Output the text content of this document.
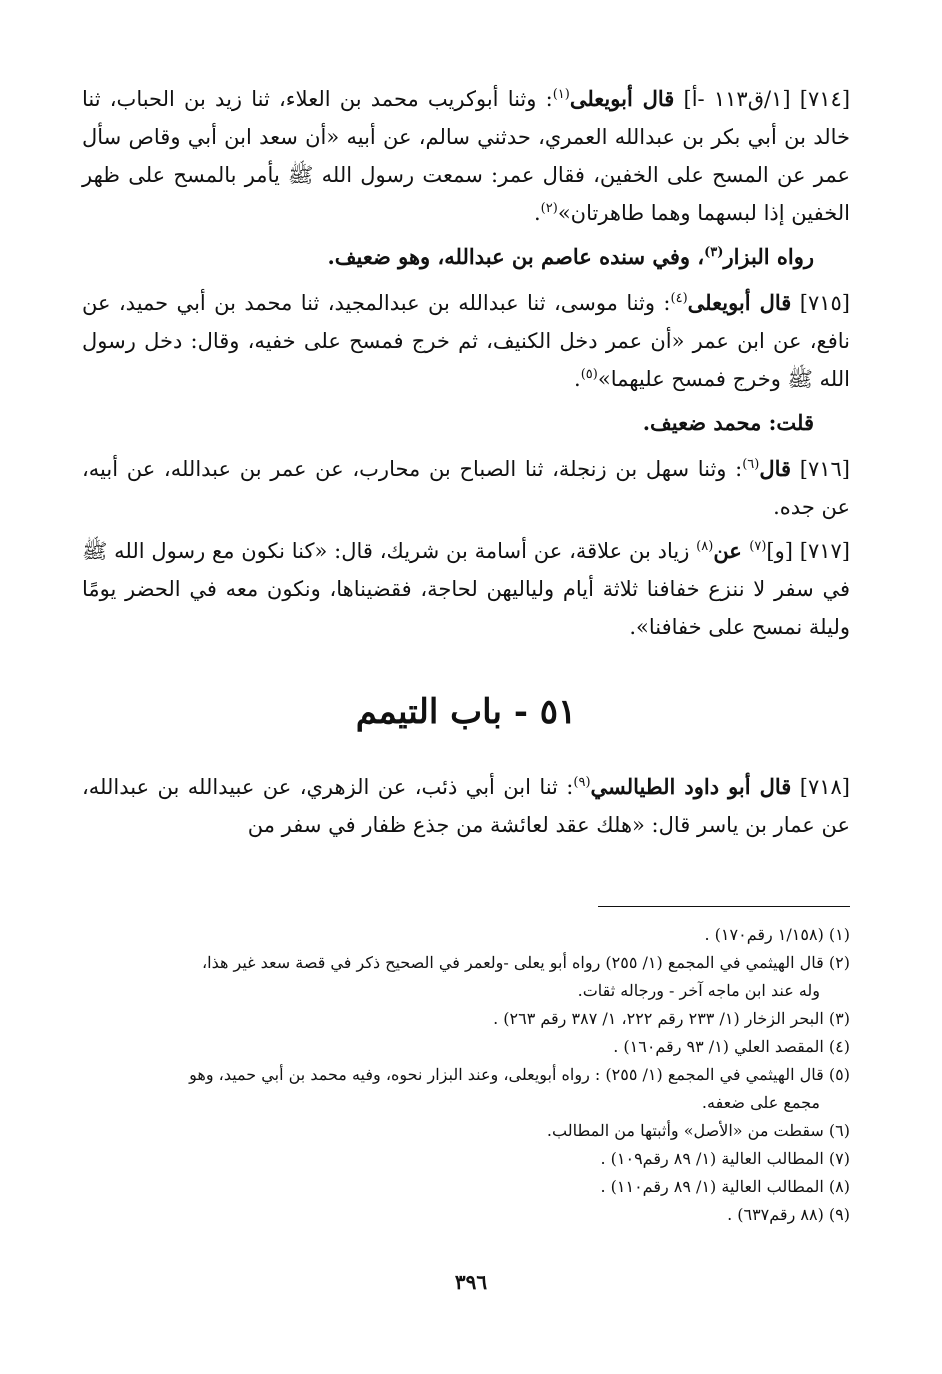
[٧١٤] [١/ق١١٣ -أ] قال أبويعلى$^{(١)}$: وثنا أبوكريب محمد بن العلاء، ثنا زيد بن الحباب، ثنا خالد بن أبي بكر بن عبدالله العمري، حدثني سالم، عن أبيه «أن سعد ابن أبي وقاص سأل عمر عن المسح على الخفين، فقال عمر: سمعت رسول الله ﷺ يأمر بالمسح على ظهر الخفين إذا لبسهما وهما طاهرتان»$^{(٢)}$.

رواه البزار$^{(٣)}$، وفي سنده عاصم بن عبدالله، وهو ضعيف.

[٧١٥] قال أبويعلى$^{(٤)}$: وثنا موسى، ثنا عبدالله بن عبدالمجيد، ثنا محمد بن أبي حميد، عن نافع، عن ابن عمر «أن عمر دخل الكنيف، ثم خرج فمسح على خفيه، وقال: دخل رسول الله ﷺ وخرج فمسح عليهما»$^{(٥)}$.

قلت: محمد ضعيف.

[٧١٦] قال$^{(٦)}$: وثنا سهل بن زنجلة، ثنا الصباح بن محارب، عن عمر بن عبدالله، عن أبيه، عن جده.

[٧١٧] [و]$^{(٧)}$ عن$^{(٨)}$ زياد بن علاقة، عن أسامة بن شريك، قال: «كنا نكون مع رسول الله ﷺ في سفر لا ننزع خفافنا ثلاثة أيام ولياليهن لحاجة، فقضيناها، ونكون معه في الحضر يومًا وليلة نمسح على خفافنا».

٥١ - باب التيمم

[٧١٨] قال أبو داود الطيالسي$^{(٩)}$: ثنا ابن أبي ذئب، عن الزهري، عن عبيدالله بن عبدالله، عن عمار بن ياسر قال: «هلك عقد لعائشة من جذع ظفار في سفر من

(١) (١/١٥٨ رقم١٧٠) .

(٢) قال الهيثمي في المجمع (١/ ٢٥٥) رواه أبو يعلى -ولعمر في الصحيح ذكر في قصة سعد غير هذا،
وله عند ابن ماجه آخر - ورجاله ثقات.

(٣) البحر الزخار (١/ ٢٣٣ رقم ٢٢٢، ١/ ٣٨٧ رقم ٢٦٣) .

(٤) المقصد العلي (١/ ٩٣ رقم١٦٠) .

(٥) قال الهيثمي في المجمع (١/ ٢٥٥) : رواه أبويعلى، وعند البزار نحوه، وفيه محمد بن أبي حميد، وهو
مجمع على ضعفه.

(٦) سقطت من «الأصل» وأثبتها من المطالب.

(٧) المطالب العالية (١/ ٨٩ رقم١٠٩) .

(٨) المطالب العالية (١/ ٨٩ رقم١١٠) .

(٩) (٨٨ رقم٦٣٧) .

٣٩٦
